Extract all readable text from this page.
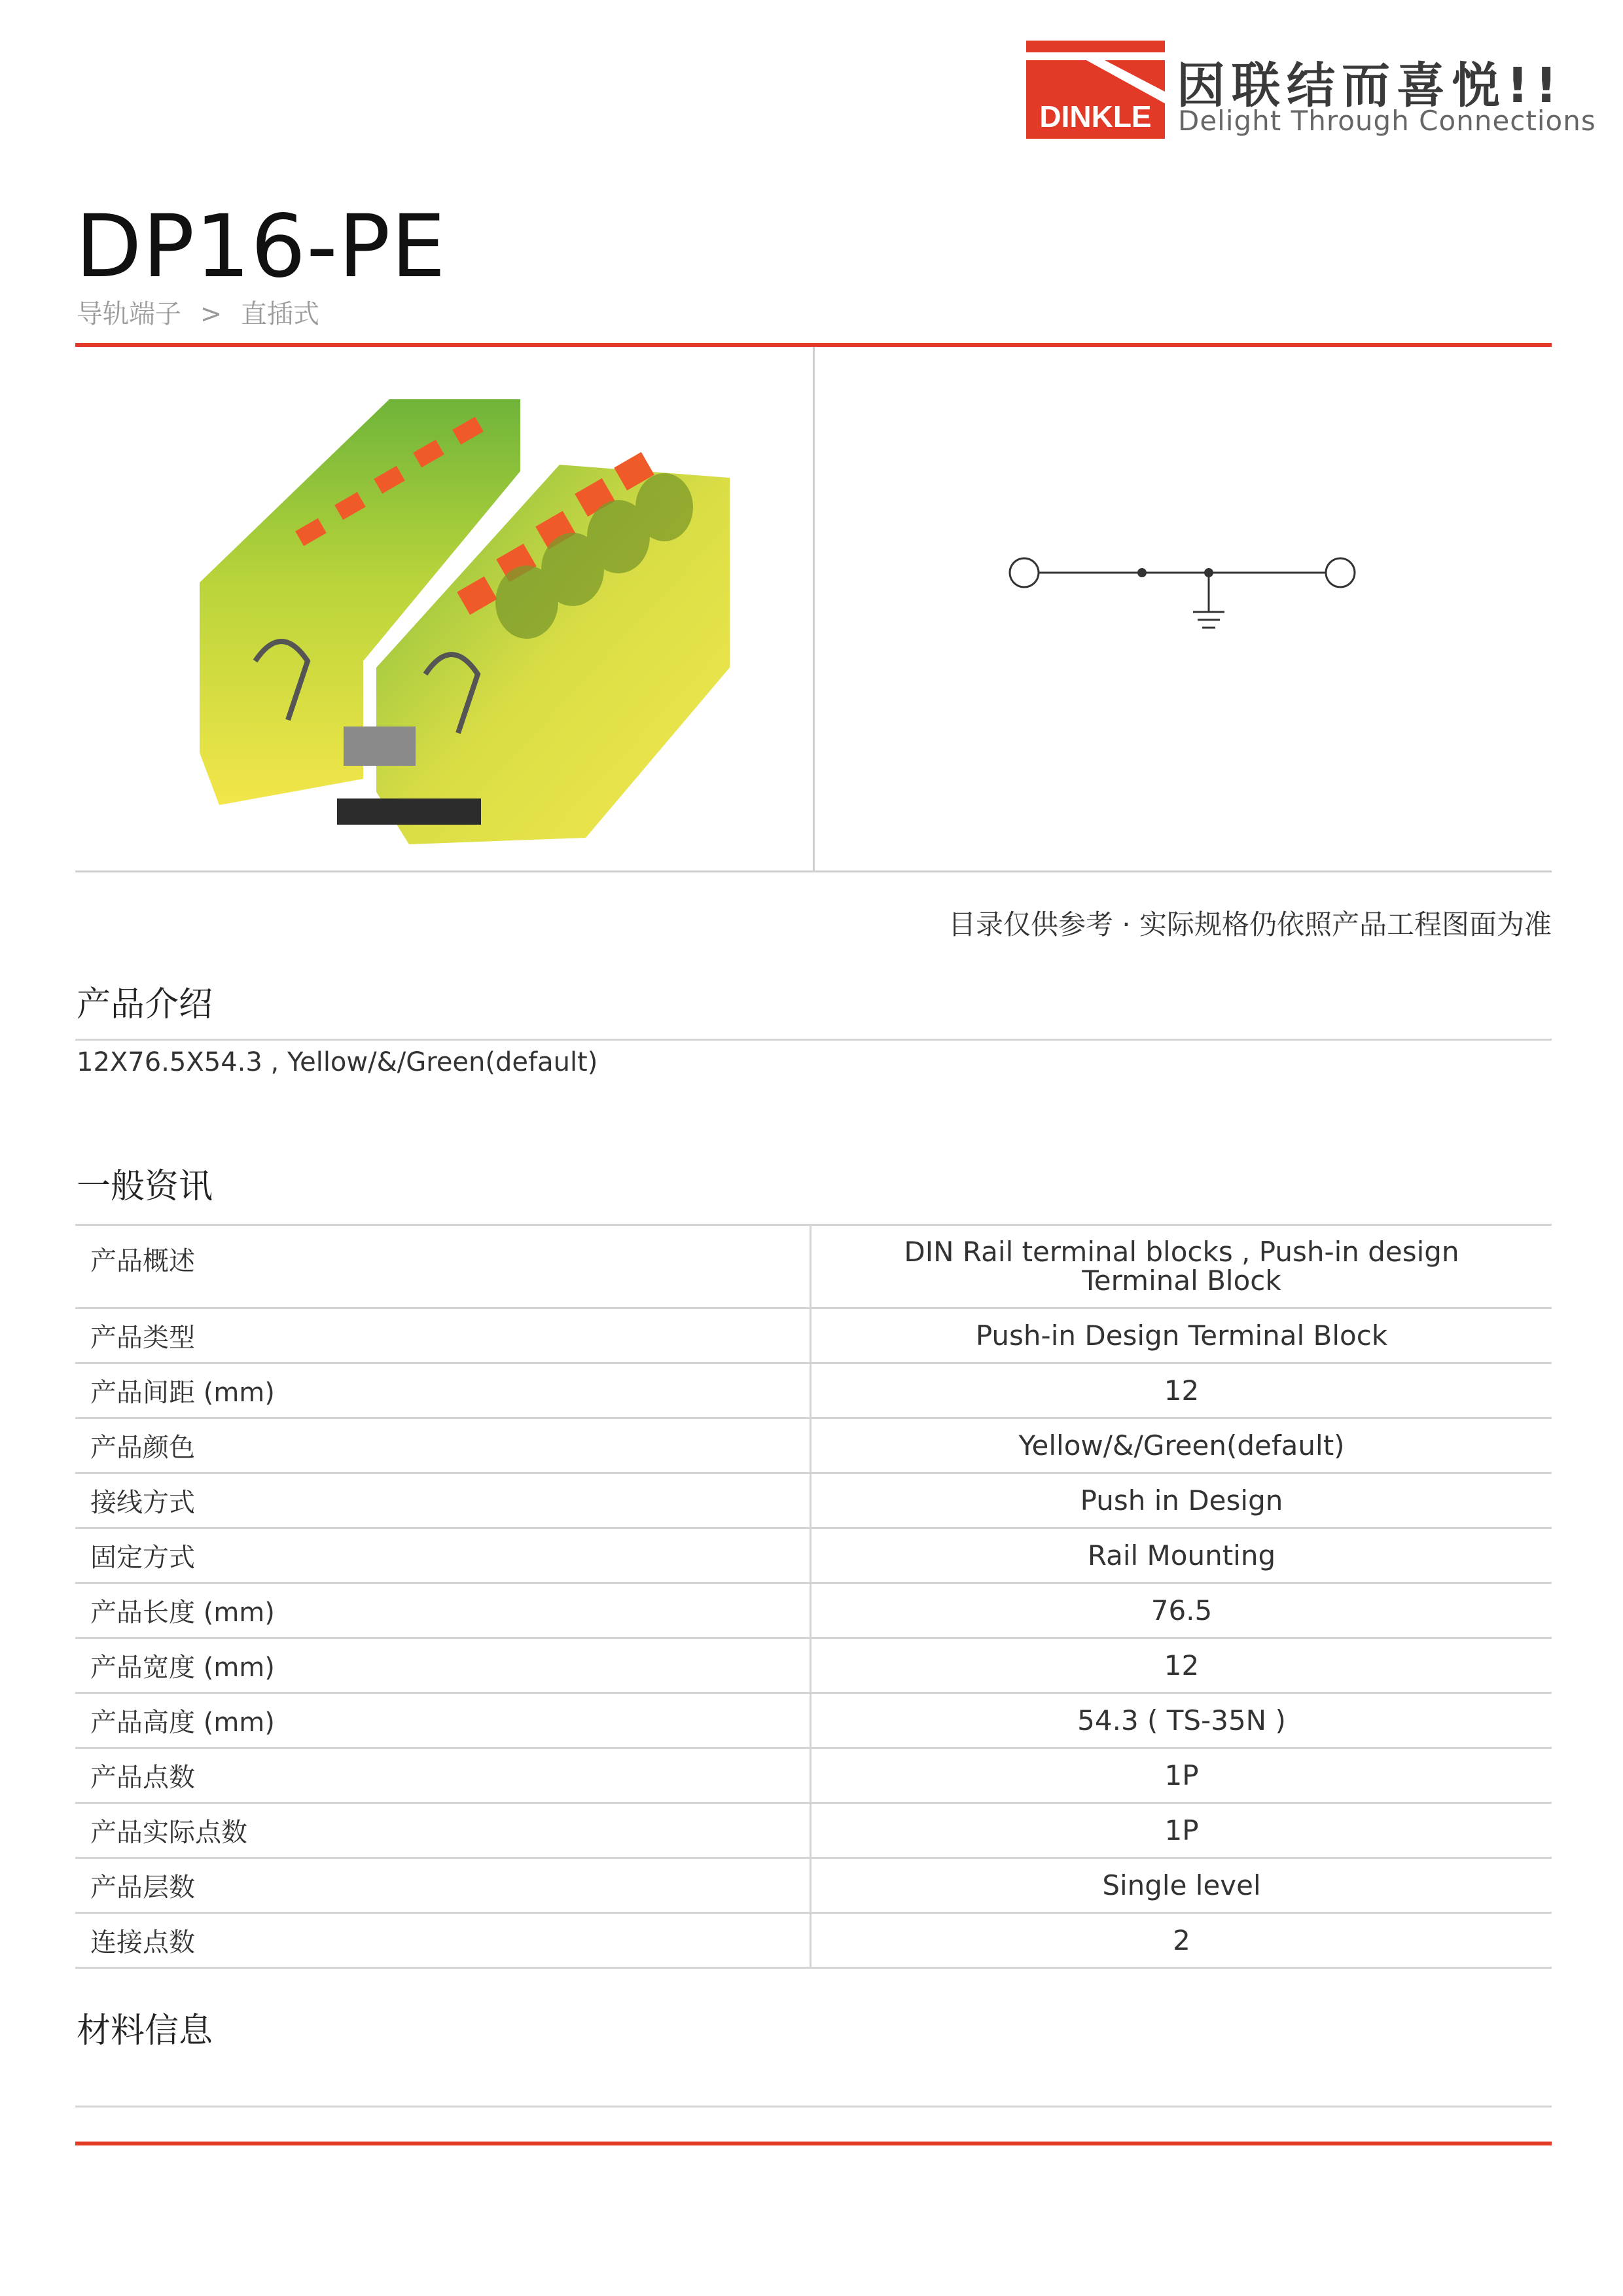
DINKLE
因联结而喜悦!!
Delight Through Connections
DP16-PE
导轨端子 > 直插式
目录仅供参考 · 实际规格仍依照产品工程图面为准
产品介绍
12X76.5X54.3 , Yellow/&/Green(default)
一般资讯
产品概述	DIN Rail terminal blocks , Push-in design Terminal Block
产品类型	Push-in Design Terminal Block
产品间距 (mm)	12
产品颜色	Yellow/&/Green(default)
接线方式	Push in Design
固定方式	Rail Mounting
产品长度 (mm)	76.5
产品宽度 (mm)	12
产品高度 (mm)	54.3 ( TS-35N )
产品点数	1P
产品实际点数	1P
产品层数	Single level
连接点数	2
材料信息
